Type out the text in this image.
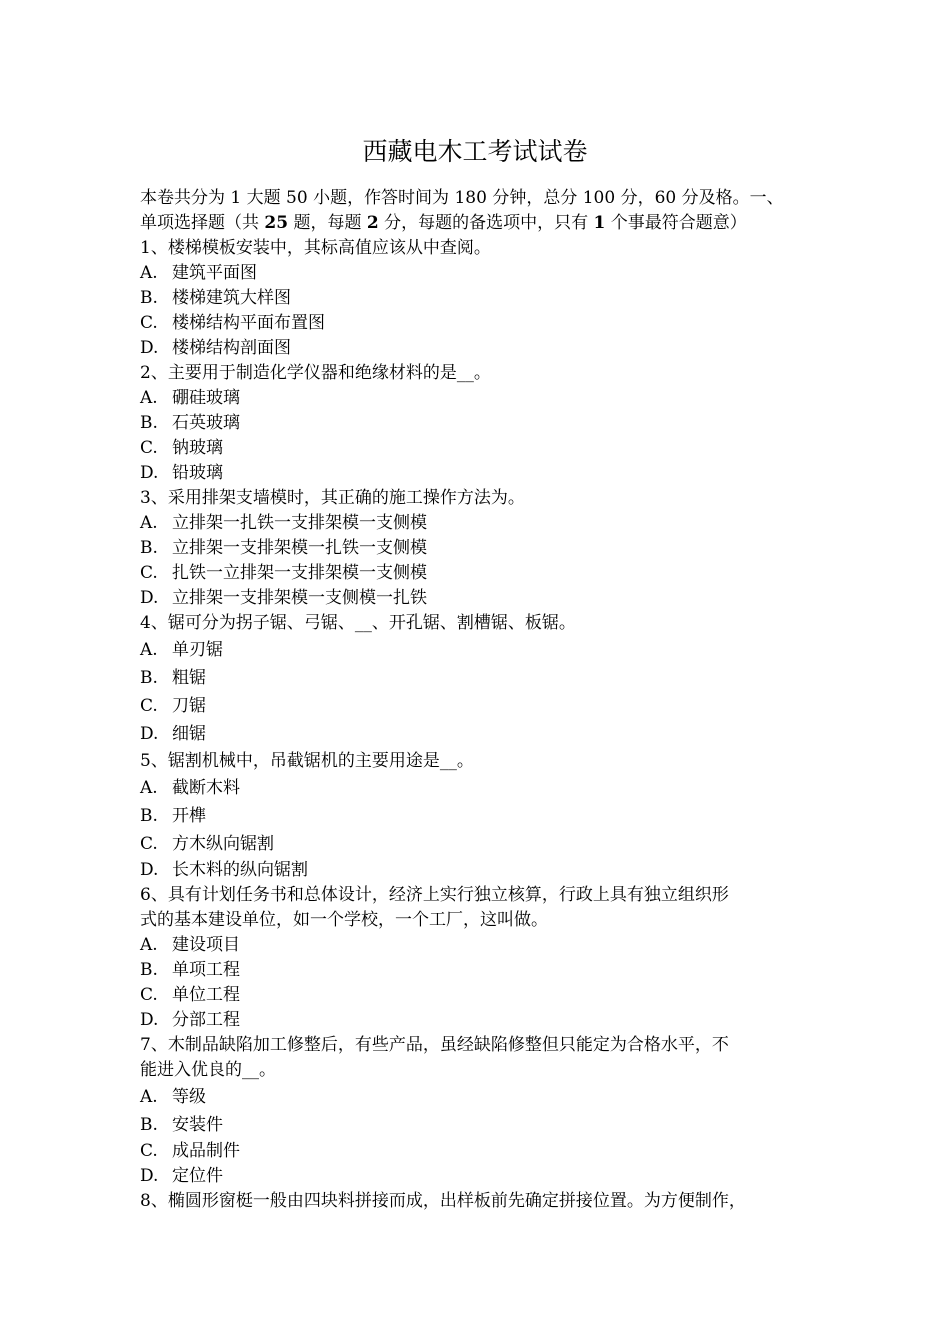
西藏电木工考试试卷
本卷共分为 1 大题 50 小题，作答时间为 180 分钟，总分 100 分，60 分及格。一、
单项选择题（共 25 题，每题 2 分，每题的备选项中，只有 1 个事最符合题意）
1、楼梯模板安装中，其标高值应该从中查阅。
A. 建筑平面图
B. 楼梯建筑大样图
C. 楼梯结构平面布置图
D. 楼梯结构剖面图
2、主要用于制造化学仪器和绝缘材料的是__。
A. 硼硅玻璃
B. 石英玻璃
C. 钠玻璃
D. 铅玻璃
3、采用排架支墙模时，其正确的施工操作方法为。
A. 立排架一扎铁一支排架模一支侧模
B. 立排架一支排架模一扎铁一支侧模
C. 扎铁一立排架一支排架模一支侧模
D. 立排架一支排架模一支侧模一扎铁
4、锯可分为拐子锯、弓锯、__、开孔锯、割槽锯、板锯。
A. 单刃锯
B. 粗锯
C. 刀锯
D. 细锯
5、锯割机械中，吊截锯机的主要用途是__。
A. 截断木料
B. 开榫
C. 方木纵向锯割
D. 长木料的纵向锯割
6、具有计划任务书和总体设计，经济上实行独立核算，行政上具有独立组织形
式的基本建设单位，如一个学校，一个工厂，这叫做。
A. 建设项目
B. 单项工程
C. 单位工程
D. 分部工程
7、木制品缺陷加工修整后，有些产品，虽经缺陷修整但只能定为合格水平，不
能进入优良的__。
A. 等级
B. 安装件
C. 成品制件
D. 定位件
8、椭圆形窗梃一般由四块料拼接而成，出样板前先确定拼接位置。为方便制作，
